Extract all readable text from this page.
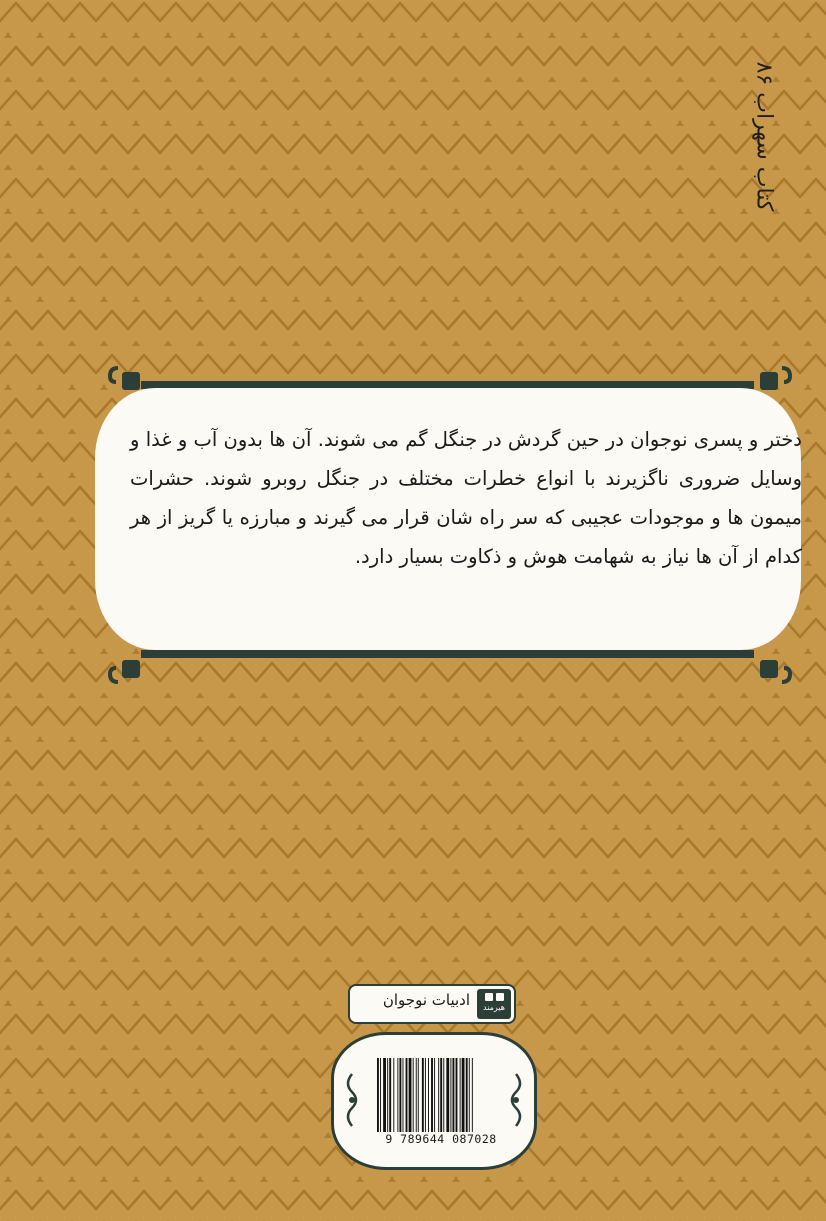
کتاب سهراب ۸۶
دختر و پسری نوجوان در حین گردش در جنگل گم می شوند. آن ها بدون آب و غذا و وسایل ضروری ناگزیرند با انواع خطرات مختلف در جنگل روبرو شوند. حشرات میمون ها و موجودات عجیبی که سر راه شان قرار می گیرند و مبارزه یا گریز از هر کدام از آن ها نیاز به شهامت هوش و ذکاوت بسیار دارد.
هیرمند
ادبیات نوجوان
9 789644 087028
